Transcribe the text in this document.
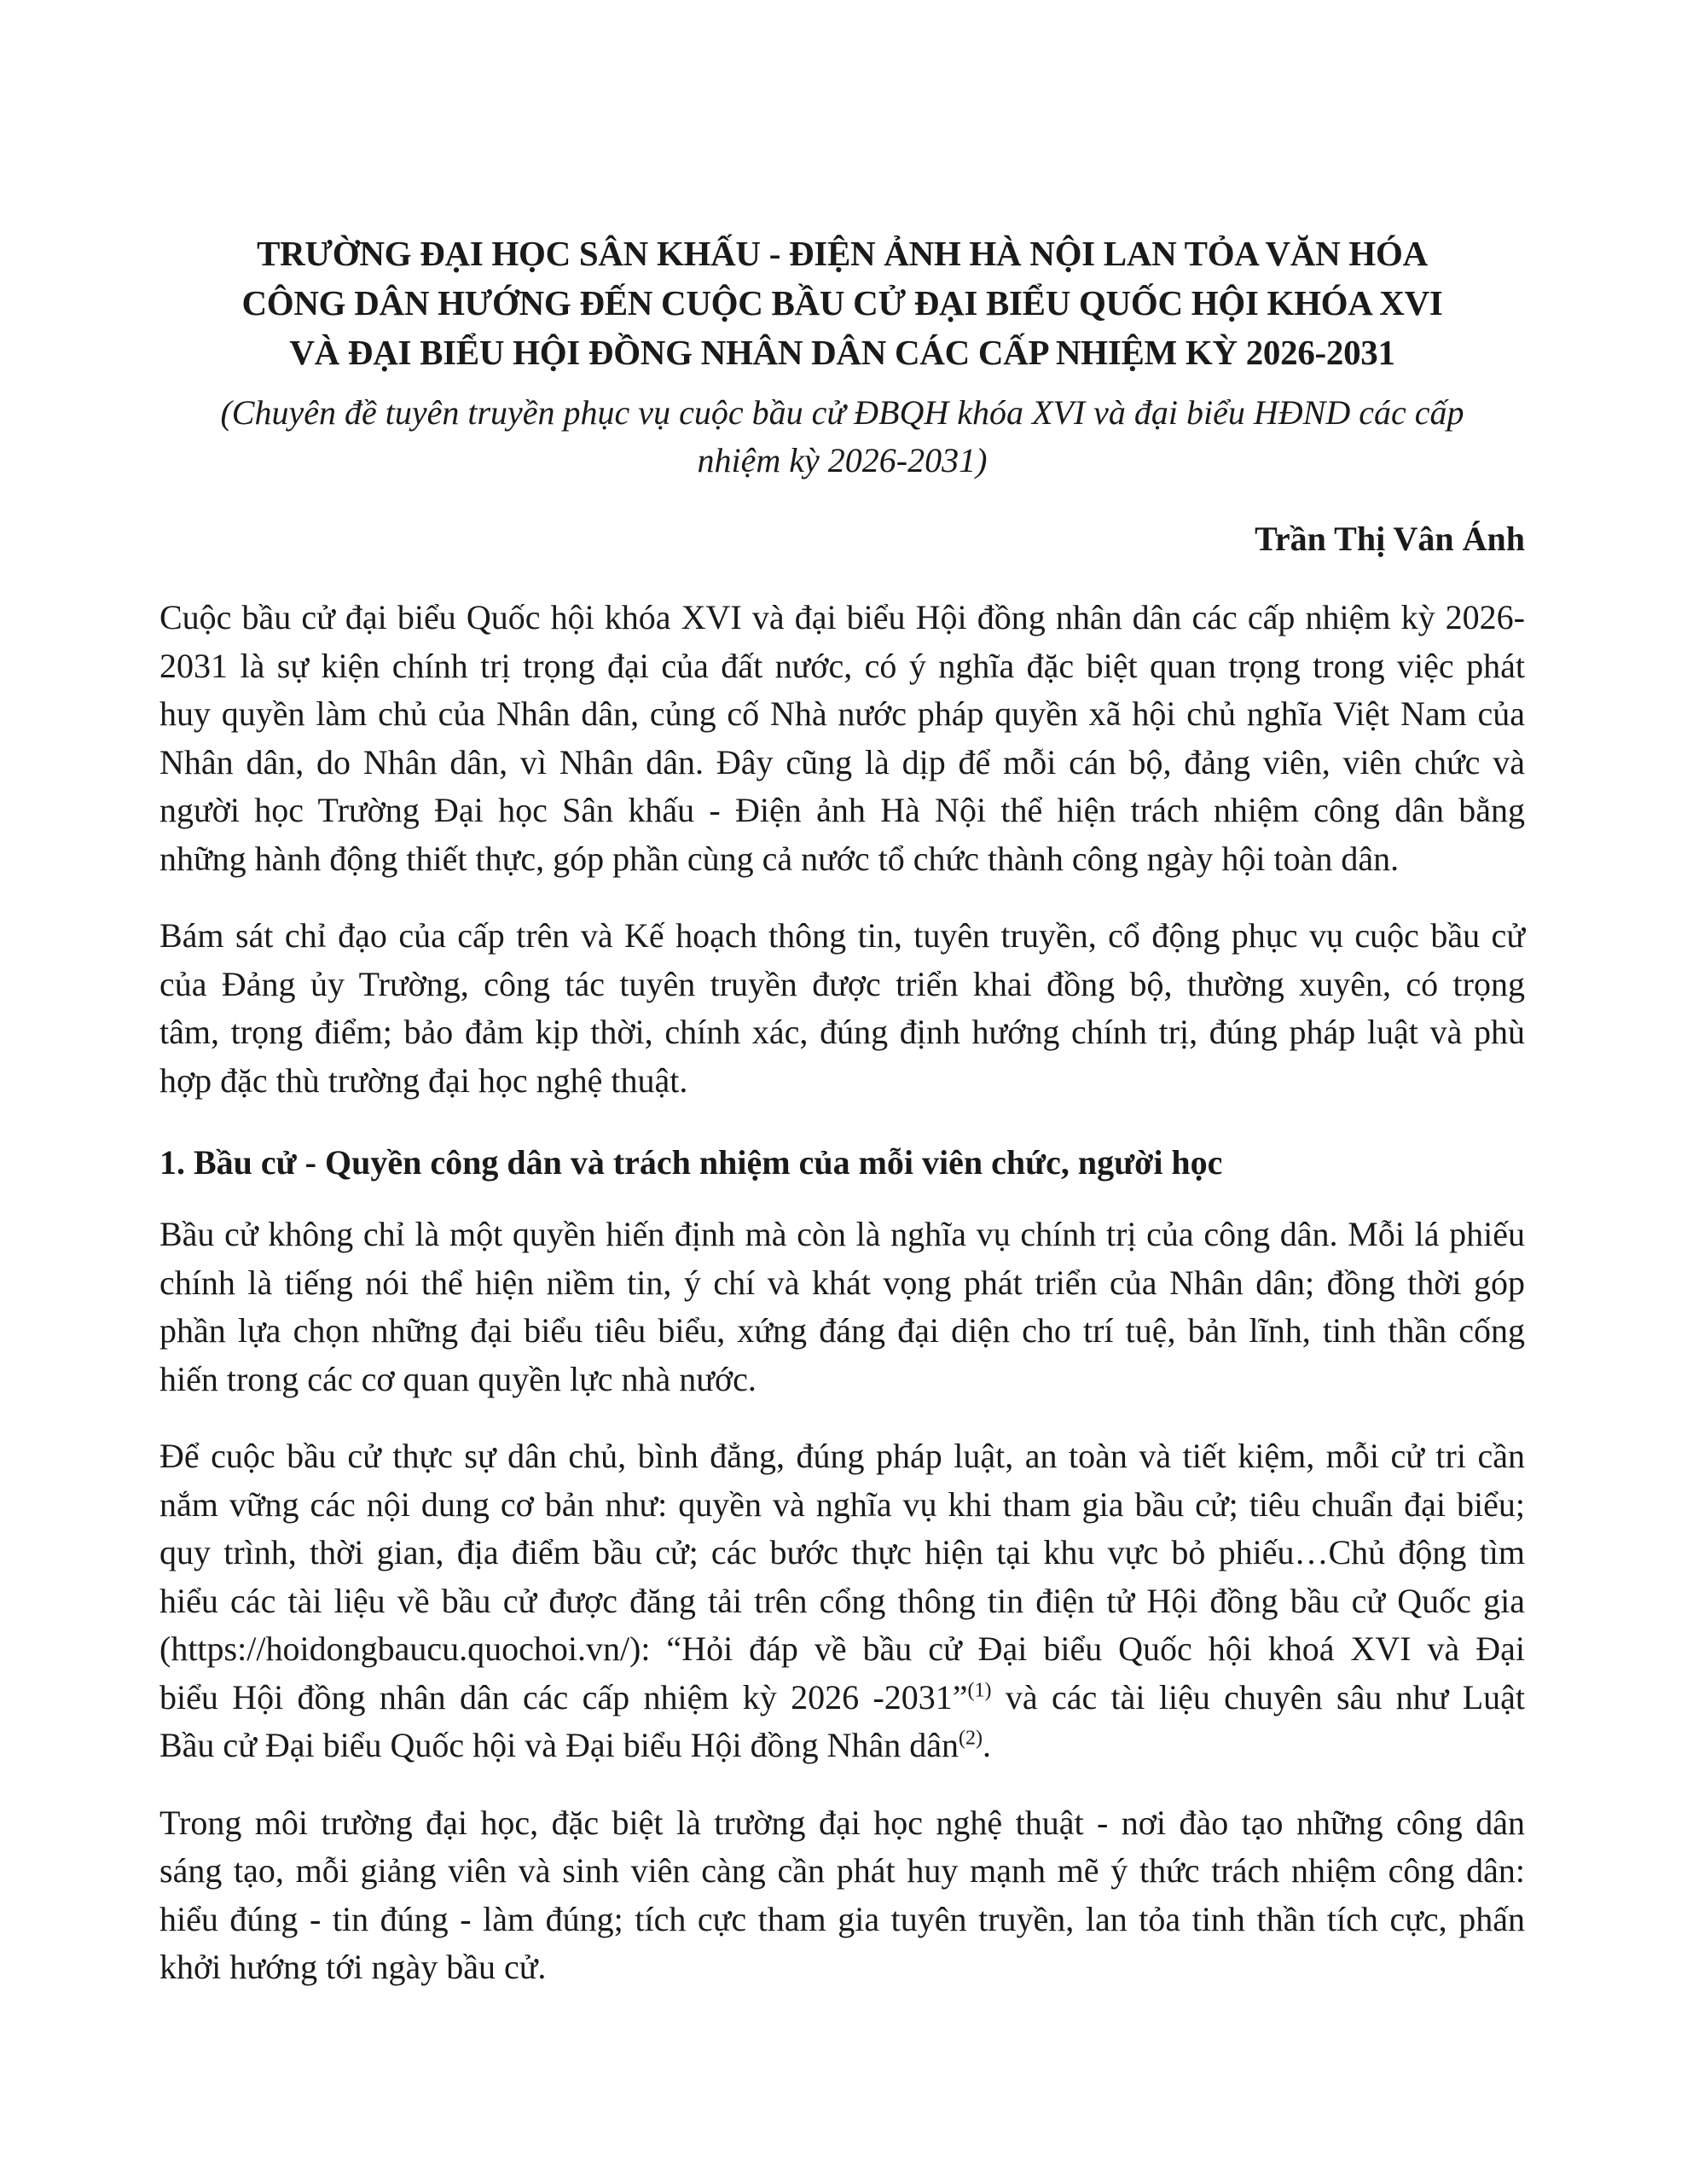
TRƯỜNG ĐẠI HỌC SÂN KHẤU - ĐIỆN ẢNH HÀ NỘI LAN TỎA VĂN HÓA
CÔNG DÂN HƯỚNG ĐẾN CUỘC BẦU CỬ ĐẠI BIỂU QUỐC HỘI KHÓA XVI
VÀ ĐẠI BIỂU HỘI ĐỒNG NHÂN DÂN CÁC CẤP NHIỆM KỲ 2026-2031

(Chuyên đề tuyên truyền phục vụ cuộc bầu cử ĐBQH khóa XVI và đại biểu HĐND các cấp
nhiệm kỳ 2026-2031)

Trần Thị Vân Ánh

Cuộc bầu cử đại biểu Quốc hội khóa XVI và đại biểu Hội đồng nhân dân các cấp nhiệm kỳ 2026-
2031 là sự kiện chính trị trọng đại của đất nước, có ý nghĩa đặc biệt quan trọng trong việc phát
huy quyền làm chủ của Nhân dân, củng cố Nhà nước pháp quyền xã hội chủ nghĩa Việt Nam của
Nhân dân, do Nhân dân, vì Nhân dân. Đây cũng là dịp để mỗi cán bộ, đảng viên, viên chức và
người học Trường Đại học Sân khấu - Điện ảnh Hà Nội thể hiện trách nhiệm công dân bằng
những hành động thiết thực, góp phần cùng cả nước tổ chức thành công ngày hội toàn dân.

Bám sát chỉ đạo của cấp trên và Kế hoạch thông tin, tuyên truyền, cổ động phục vụ cuộc bầu cử
của Đảng ủy Trường, công tác tuyên truyền được triển khai đồng bộ, thường xuyên, có trọng
tâm, trọng điểm; bảo đảm kịp thời, chính xác, đúng định hướng chính trị, đúng pháp luật và phù
hợp đặc thù trường đại học nghệ thuật.

1. Bầu cử - Quyền công dân và trách nhiệm của mỗi viên chức, người học

Bầu cử không chỉ là một quyền hiến định mà còn là nghĩa vụ chính trị của công dân. Mỗi lá phiếu
chính là tiếng nói thể hiện niềm tin, ý chí và khát vọng phát triển của Nhân dân; đồng thời góp
phần lựa chọn những đại biểu tiêu biểu, xứng đáng đại diện cho trí tuệ, bản lĩnh, tinh thần cống
hiến trong các cơ quan quyền lực nhà nước.

Để cuộc bầu cử thực sự dân chủ, bình đẳng, đúng pháp luật, an toàn và tiết kiệm, mỗi cử tri cần
nắm vững các nội dung cơ bản như: quyền và nghĩa vụ khi tham gia bầu cử; tiêu chuẩn đại biểu;
quy trình, thời gian, địa điểm bầu cử; các bước thực hiện tại khu vực bỏ phiếu…Chủ động tìm
hiểu các tài liệu về bầu cử được đăng tải trên cổng thông tin điện tử Hội đồng bầu cử Quốc gia
(https://hoidongbaucu.quochoi.vn/): “Hỏi đáp về bầu cử Đại biểu Quốc hội khoá XVI và Đại
biểu Hội đồng nhân dân các cấp nhiệm kỳ 2026 -2031”$^{(1)}$ và các tài liệu chuyên sâu như Luật
Bầu cử Đại biểu Quốc hội và Đại biểu Hội đồng Nhân dân$^{(2)}$.

Trong môi trường đại học, đặc biệt là trường đại học nghệ thuật - nơi đào tạo những công dân
sáng tạo, mỗi giảng viên và sinh viên càng cần phát huy mạnh mẽ ý thức trách nhiệm công dân:
hiểu đúng - tin đúng - làm đúng; tích cực tham gia tuyên truyền, lan tỏa tinh thần tích cực, phấn
khởi hướng tới ngày bầu cử.
